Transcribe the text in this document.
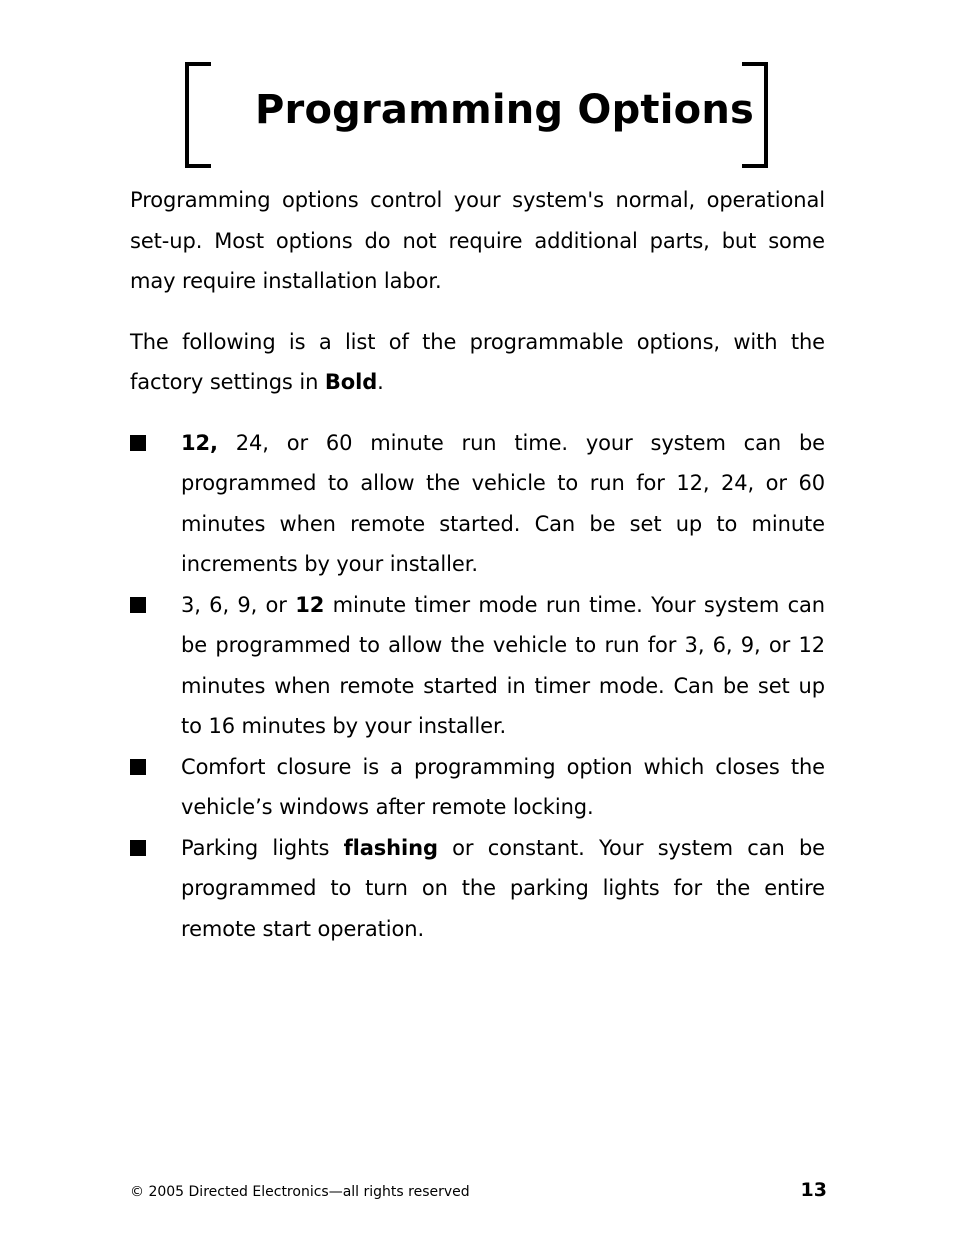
Programming Options

Programming options control your system's normal, operational set-up. Most options do not require additional parts, but some may require installation labor.

The following is a list of the programmable options, with the factory settings in Bold.

12, 24, or 60 minute run time. your system can be programmed to allow the vehicle to run for 12, 24, or 60 minutes when remote started. Can be set up to minute increments by your installer.
3, 6, 9, or 12 minute timer mode run time. Your system can be programmed to allow the vehicle to run for 3, 6, 9, or 12 minutes when remote started in timer mode. Can be set up to 16 minutes by your installer.
Comfort closure is a programming option which closes the vehicle’s windows after remote locking.
Parking lights flashing or constant. Your system can be programmed to turn on the parking lights for the entire remote start operation.
© 2005 Directed Electronics—all rights reserved	13
